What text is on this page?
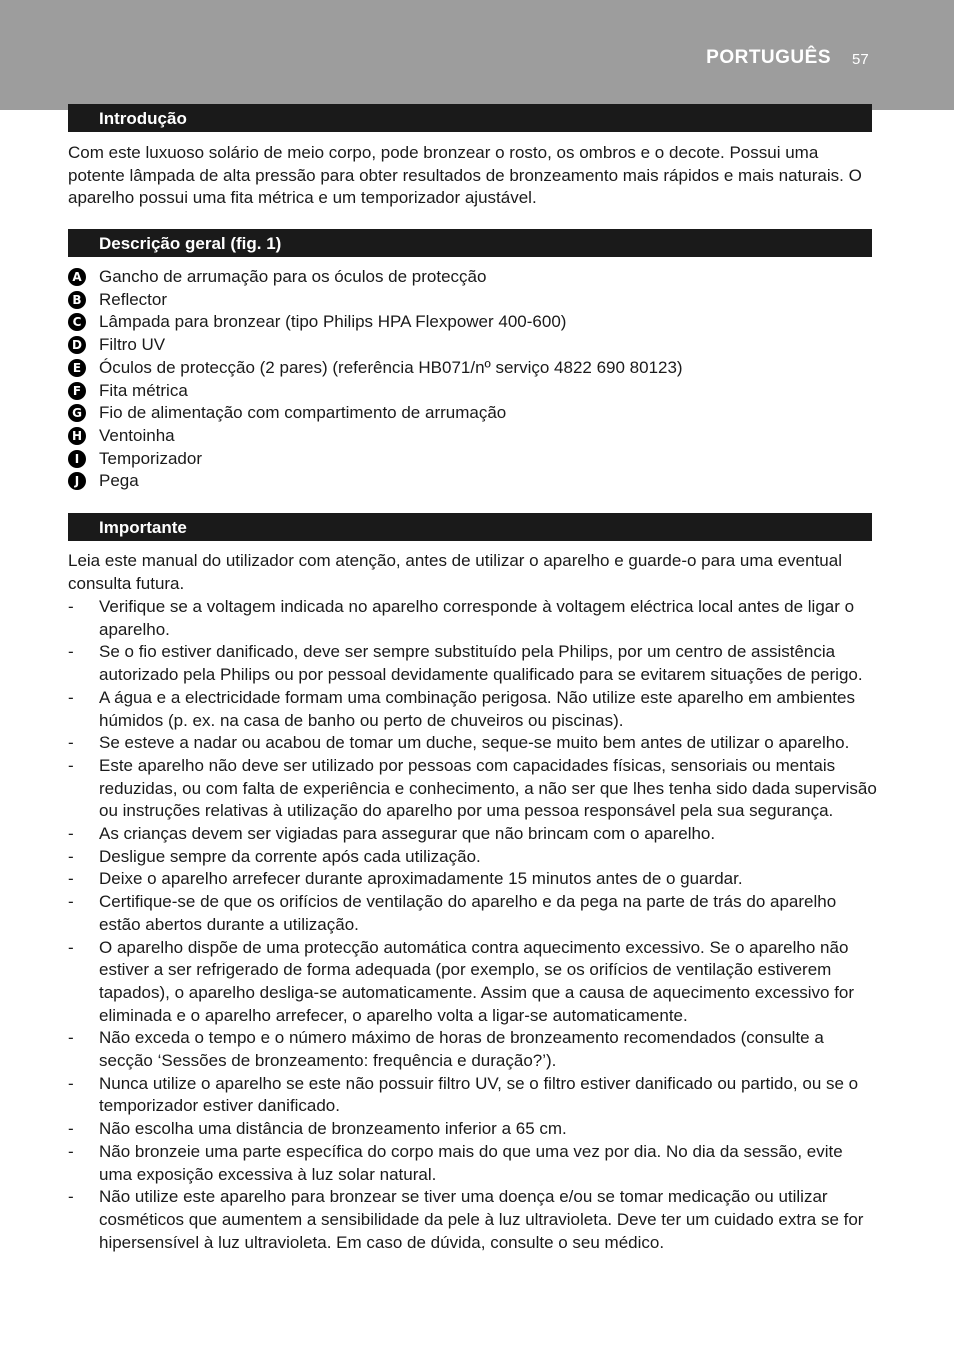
PORTUGUÊS 57
Introdução

Com este luxuoso solário de meio corpo, pode bronzear o rosto, os ombros e o decote. Possui uma potente lâmpada de alta pressão para obter resultados de bronzeamento mais rápidos e mais naturais. O aparelho possui uma fita métrica e um temporizador ajustável.

Descrição geral (fig. 1)
A Gancho de arrumação para os óculos de protecção
B Reflector
C Lâmpada para bronzear (tipo Philips HPA Flexpower 400-600)
D Filtro UV
E Óculos de protecção (2 pares) (referência HB071/nº serviço 4822 690 80123)
F Fita métrica
G Fio de alimentação com compartimento de arrumação
H Ventoinha
I	Temporizador
J	Pega
Importante

Leia este manual do utilizador com atenção, antes de utilizar o aparelho e guarde-o para uma eventual consulta futura.

- Verifique se a voltagem indicada no aparelho corresponde à voltagem eléctrica local antes de ligar o aparelho.
- Se o fio estiver danificado, deve ser sempre substituído pela Philips, por um centro de assistência autorizado pela Philips ou por pessoal devidamente qualificado para se evitarem situações de perigo.
- A água e a electricidade formam uma combinação perigosa. Não utilize este aparelho em ambientes húmidos (p. ex. na casa de banho ou perto de chuveiros ou piscinas).
- Se esteve a nadar ou acabou de tomar um duche, seque-se muito bem antes de utilizar o aparelho.
- Este aparelho não deve ser utilizado por pessoas com capacidades físicas, sensoriais ou mentais reduzidas, ou com falta de experiência e conhecimento, a não ser que lhes tenha sido dada supervisão ou instruções relativas à utilização do aparelho por uma pessoa responsável pela sua segurança.
- As crianças devem ser vigiadas para assegurar que não brincam com o aparelho.
- Desligue sempre da corrente após cada utilização.
- Deixe o aparelho arrefecer durante aproximadamente 15 minutos antes de o guardar.
- Certifique-se de que os orifícios de ventilação do aparelho e da pega na parte de trás do aparelho estão abertos durante a utilização.
- O aparelho dispõe de uma protecção automática contra aquecimento excessivo. Se o aparelho não estiver a ser refrigerado de forma adequada (por exemplo, se os orifícios de ventilação estiverem tapados), o aparelho desliga-se automaticamente. Assim que a causa de aquecimento excessivo for eliminada e o aparelho arrefecer, o aparelho volta a ligar-se automaticamente.
- Não exceda o tempo e o número máximo de horas de bronzeamento recomendados (consulte a secção ‘Sessões de bronzeamento: frequência e duração?’).
- Nunca utilize o aparelho se este não possuir filtro UV, se o filtro estiver danificado ou partido, ou se o temporizador estiver danificado.
- Não escolha uma distância de bronzeamento inferior a 65 cm.
- Não bronzeie uma parte específica do corpo mais do que uma vez por dia. No dia da sessão, evite uma exposição excessiva à luz solar natural.
- Não utilize este aparelho para bronzear se tiver uma doença e/ou se tomar medicação ou utilizar cosméticos que aumentem a sensibilidade da pele à luz ultravioleta. Deve ter um cuidado extra se for hipersensível à luz ultravioleta. Em caso de dúvida, consulte o seu médico.
